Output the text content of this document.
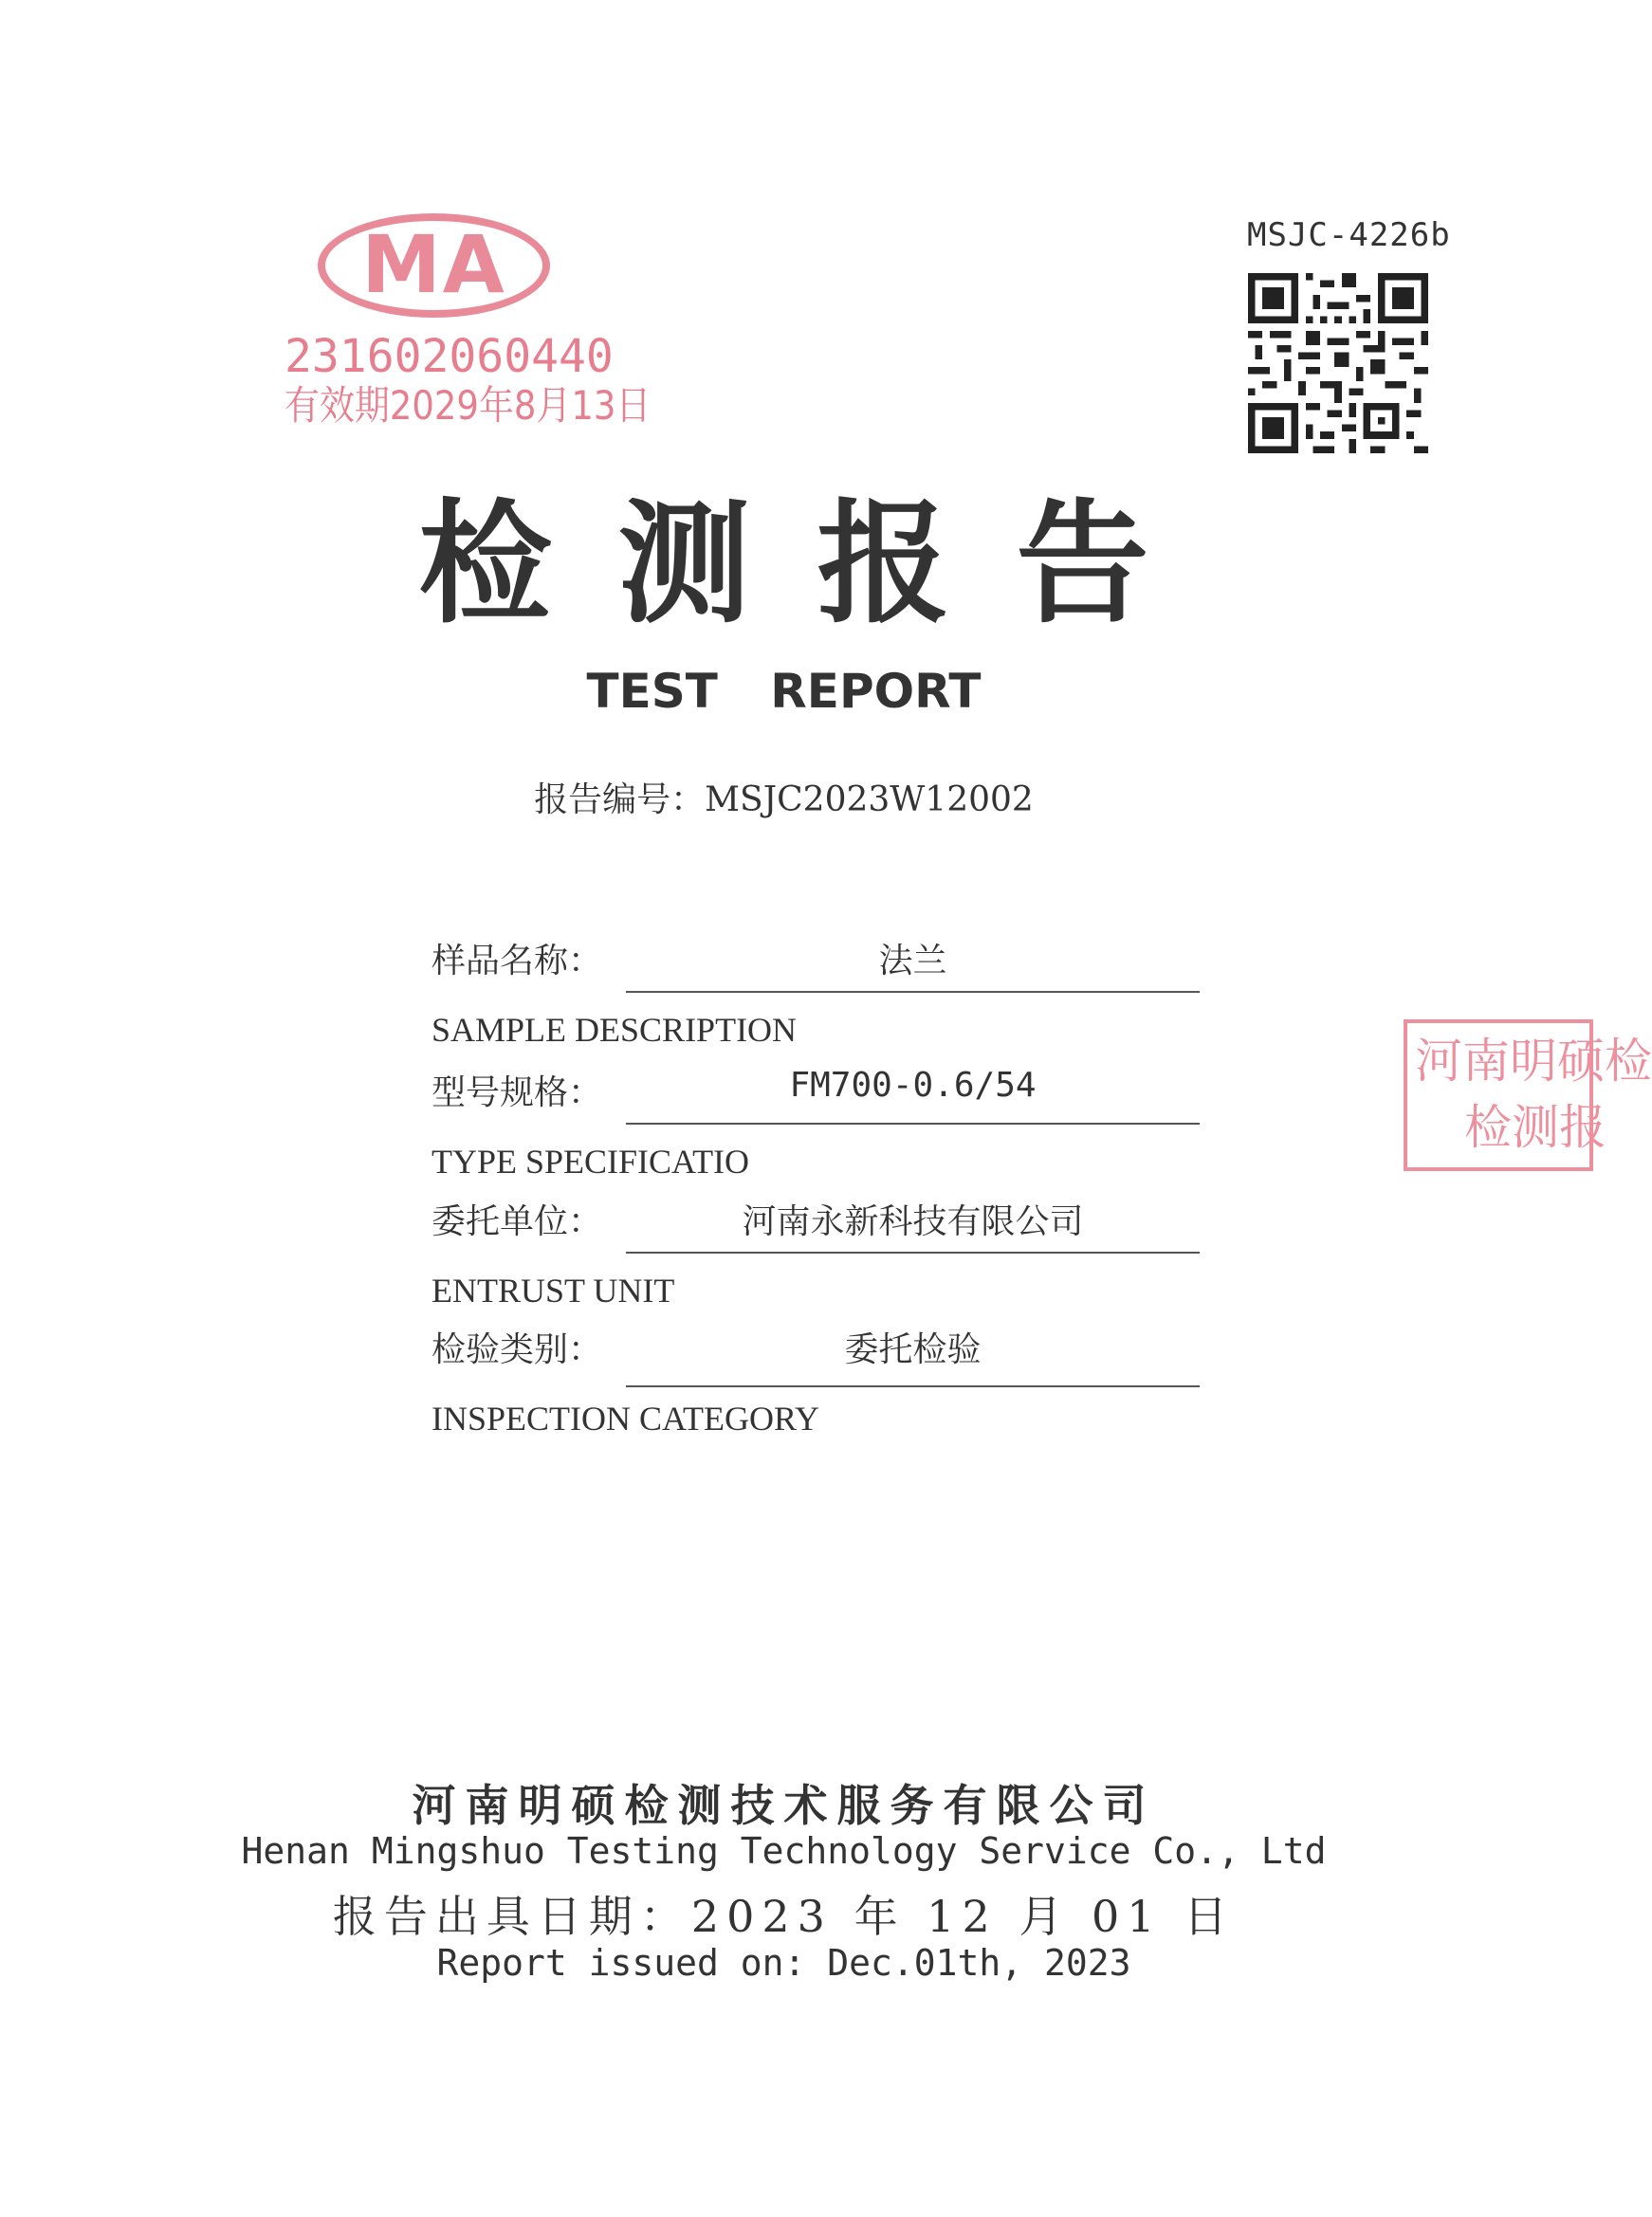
MA
231602060440
有效期2029年8月13日
MSJC-4226b
检测报告
TEST REPORT
报告编号：MSJC2023W12002
样品名称：	法兰
SAMPLE DESCRIPTION
型号规格：	FM700-0.6/54
TYPE SPECIFICATIO
委托单位：	河南永新科技有限公司
ENTRUST UNIT
检验类别：	委托检验
INSPECTION CATEGORY
河南明硕检
检测报
河南明硕检测技术服务有限公司
Henan Mingshuo Testing Technology Service Co., Ltd
报告出具日期：2023 年 12 月 01 日
Report issued on: Dec.01th, 2023
